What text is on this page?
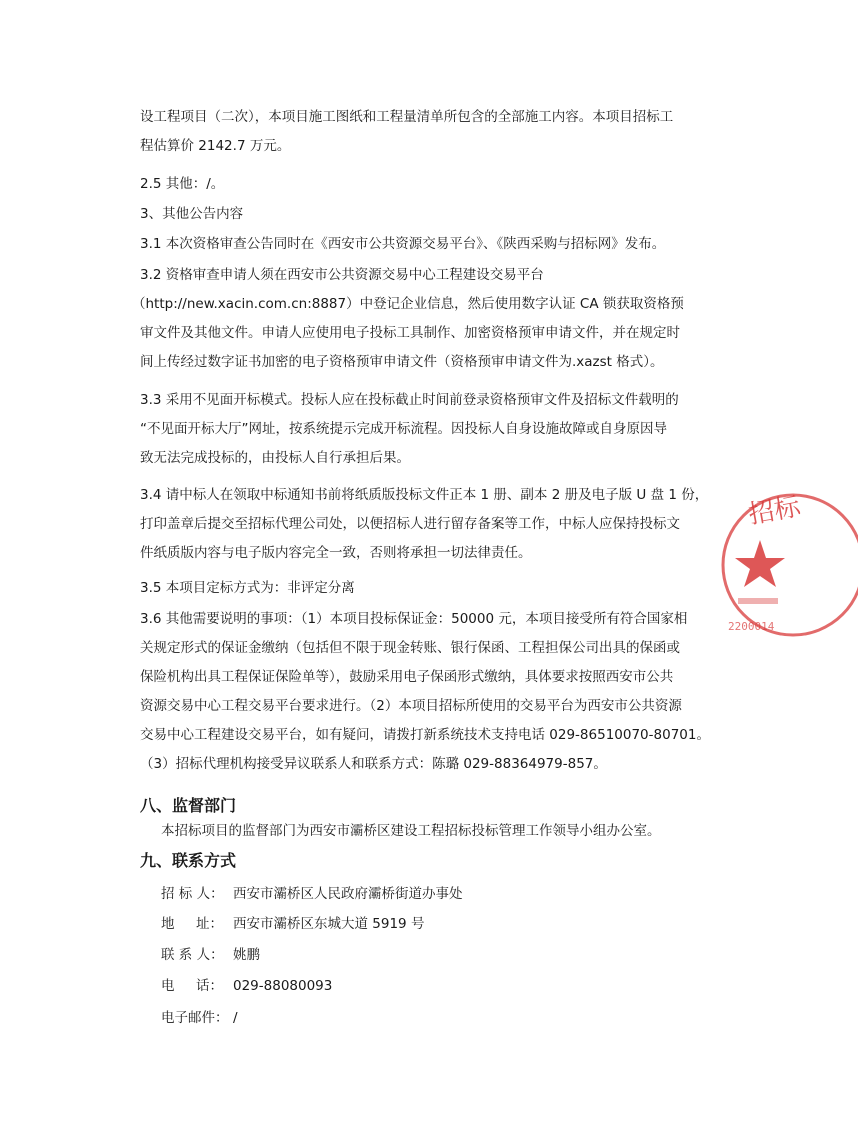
设工程项目（二次），本项目施工图纸和工程量清单所包含的全部施工内容。本项目招标工
程估算价 2142.7 万元。
2.5 其他：/。
3、其他公告内容
3.1 本次资格审查公告同时在《西安市公共资源交易平台》、《陕西采购与招标网》发布。
3.2 资格审查申请人须在西安市公共资源交易中心工程建设交易平台
（http://new.xacin.com.cn:8887）中登记企业信息，然后使用数字认证 CA 锁获取资格预
审文件及其他文件。申请人应使用电子投标工具制作、加密资格预审申请文件，并在规定时
间上传经过数字证书加密的电子资格预审申请文件（资格预审申请文件为.xazst 格式）。
3.3 采用不见面开标模式。投标人应在投标截止时间前登录资格预审文件及招标文件载明的
“不见面开标大厅”网址，按系统提示完成开标流程。因投标人自身设施故障或自身原因导
致无法完成投标的，由投标人自行承担后果。
3.4 请中标人在领取中标通知书前将纸质版投标文件正本 1 册、副本 2 册及电子版 U 盘 1 份，
打印盖章后提交至招标代理公司处，以便招标人进行留存备案等工作，中标人应保持投标文
件纸质版内容与电子版内容完全一致，否则将承担一切法律责任。
3.5 本项目定标方式为：非评定分离
3.6 其他需要说明的事项：（1）本项目投标保证金：50000 元，本项目接受所有符合国家相
关规定形式的保证金缴纳（包括但不限于现金转账、银行保函、工程担保公司出具的保函或
保险机构出具工程保证保险单等），鼓励采用电子保函形式缴纳，具体要求按照西安市公共
资源交易中心工程交易平台要求进行。（2）本项目招标所使用的交易平台为西安市公共资源
交易中心工程建设交易平台，如有疑问，请拨打新系统技术支持电话 029-86510070-80701。
（3）招标代理机构接受异议联系人和联系方式：陈璐 029-88364979-857。
八、监督部门
本招标项目的监督部门为西安市灞桥区建设工程招标投标管理工作领导小组办公室。
九、联系方式
招 标 人： 西安市灞桥区人民政府灞桥街道办事处
地     址： 西安市灞桥区东城大道 5919 号
联 系 人： 姚鹏
电     话： 029-88080093
电子邮件： /
2200014
招标
